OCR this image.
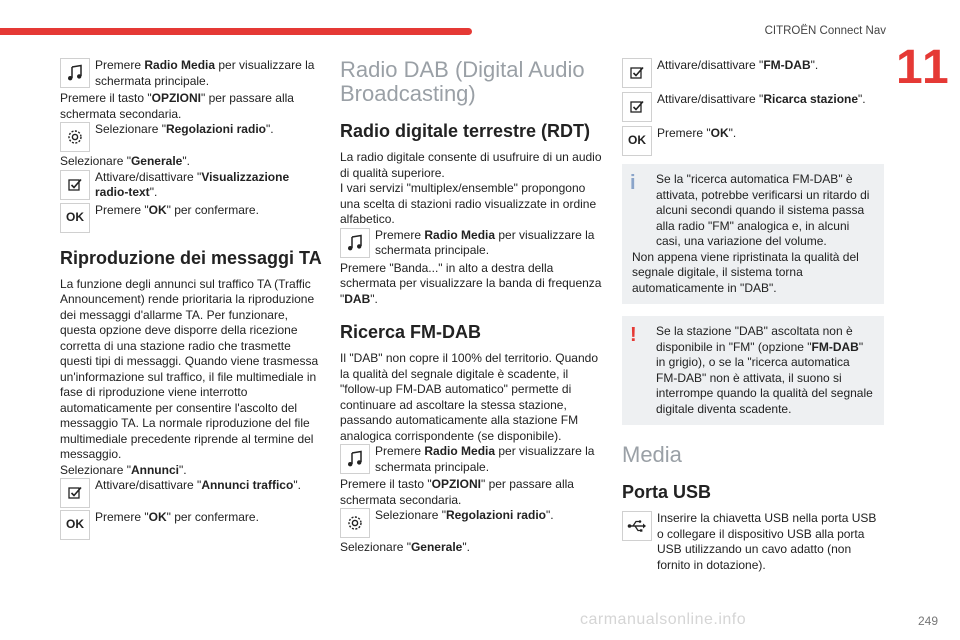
CITROËN Connect Nav
11
Premere Radio Media per visualizzare la schermata principale.

Premere il tasto "OPZIONI" per passare alla schermata secondaria.

Selezionare "Regolazioni radio".

Selezionare "Generale".

Attivare/disattivare "Visualizzazione radio-text".
OK
Premere "OK" per confermare.
Riproduzione dei messaggi TA

La funzione degli annunci sul traffico TA (Traffic Announcement) rende prioritaria la riproduzione dei messaggi d'allarme TA. Per funzionare, questa opzione deve disporre della ricezione corretta di una stazione radio che trasmette questi tipi di messaggi. Quando viene trasmessa un'informazione sul traffico, il file multimediale in fase di riproduzione viene interrotto automaticamente per consentire l'ascolto del messaggio TA. La normale riproduzione del file multimediale precedente riprende al termine del messaggio.

Selezionare "Annunci".

Attivare/disattivare "Annunci traffico".
OK
Premere "OK" per confermare.
Radio DAB (Digital Audio Broadcasting)
Radio digitale terrestre (RDT)

La radio digitale consente di usufruire di un audio di qualità superiore.

I vari servizi "multiplex/ensemble" propongono una scelta di stazioni radio visualizzate in ordine alfabetico.

Premere Radio Media per visualizzare la schermata principale.

Premere "Banda..." in alto a destra della schermata per visualizzare la banda di frequenza "DAB".

Ricerca FM-DAB

Il "DAB" non copre il 100% del territorio. Quando la qualità del segnale digitale è scadente, il "follow-up FM-DAB automatico" permette di continuare ad ascoltare la stessa stazione, passando automaticamente alla stazione FM analogica corrispondente (se disponibile).

Premere Radio Media per visualizzare la schermata principale.

Premere il tasto "OPZIONI" per passare alla schermata secondaria.

Selezionare "Regolazioni radio".

Selezionare "Generale".

Attivare/disattivare "FM-DAB".
Attivare/disattivare "Ricarca stazione".
OK
Premere "OK".
i	Se la "ricerca automatica FM-DAB" è attivata, potrebbe verificarsi un ritardo di alcuni secondi quando il sistema passa alla radio "FM" analogica e, in alcuni casi, una variazione del volume.

Non appena viene ripristinata la qualità del segnale digitale, il sistema torna automaticamente in "DAB".

!	Se la stazione "DAB" ascoltata non è disponibile in "FM" (opzione "FM-DAB" in grigio), o se la "ricerca automatica FM-DAB" non è attivata, il suono si interrompe quando la qualità del segnale digitale diventa scadente.

Media
Porta USB
Inserire la chiavetta USB nella porta USB o collegare il dispositivo USB alla porta USB utilizzando un cavo adatto (non fornito in dotazione).
carmanualsonline.info	249
